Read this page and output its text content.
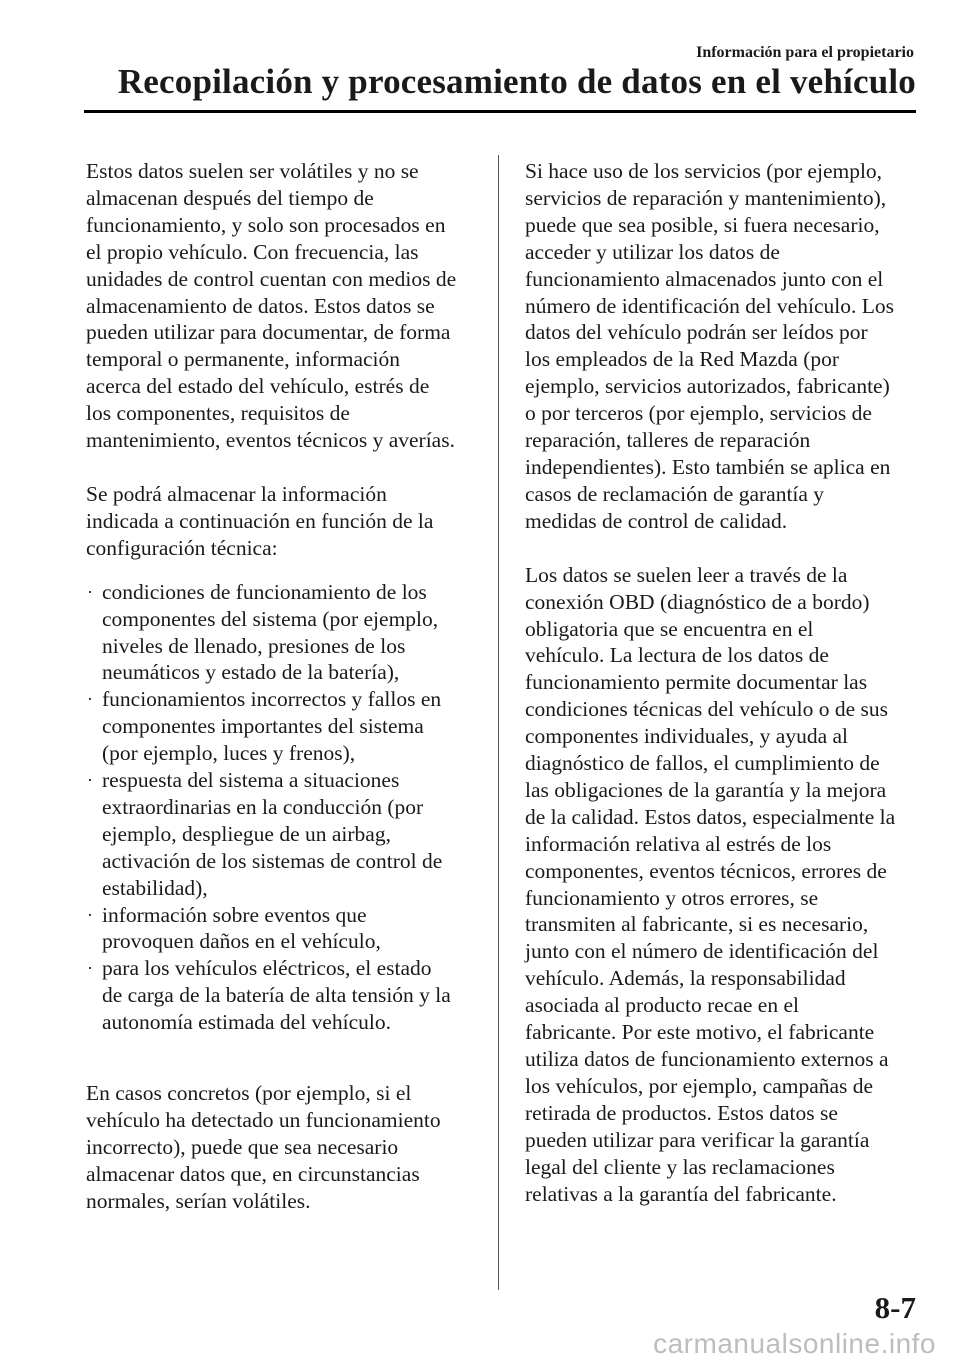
Información para el propietario
Recopilación y procesamiento de datos en el vehículo

Estos datos suelen ser volátiles y no se
almacenan después del tiempo de
funcionamiento, y solo son procesados en
el propio vehículo. Con frecuencia, las
unidades de control cuentan con medios de
almacenamiento de datos. Estos datos se
pueden utilizar para documentar, de forma
temporal o permanente, información
acerca del estado del vehículo, estrés de
los componentes, requisitos de
mantenimiento, eventos técnicos y averías.

Se podrá almacenar la información
indicada a continuación en función de la
configuración técnica:

· condiciones de funcionamiento de los
componentes del sistema (por ejemplo,
niveles de llenado, presiones de los
neumáticos y estado de la batería),
· funcionamientos incorrectos y fallos en
componentes importantes del sistema
(por ejemplo, luces y frenos),
· respuesta del sistema a situaciones
extraordinarias en la conducción (por
ejemplo, despliegue de un airbag,
activación de los sistemas de control de
estabilidad),
· información sobre eventos que
provoquen daños en el vehículo,
· para los vehículos eléctricos, el estado
de carga de la batería de alta tensión y la
autonomía estimada del vehículo.

En casos concretos (por ejemplo, si el
vehículo ha detectado un funcionamiento
incorrecto), puede que sea necesario
almacenar datos que, en circunstancias
normales, serían volátiles.

Si hace uso de los servicios (por ejemplo,
servicios de reparación y mantenimiento),
puede que sea posible, si fuera necesario,
acceder y utilizar los datos de
funcionamiento almacenados junto con el
número de identificación del vehículo. Los
datos del vehículo podrán ser leídos por
los empleados de la Red Mazda (por
ejemplo, servicios autorizados, fabricante)
o por terceros (por ejemplo, servicios de
reparación, talleres de reparación
independientes). Esto también se aplica en
casos de reclamación de garantía y
medidas de control de calidad.

Los datos se suelen leer a través de la
conexión OBD (diagnóstico de a bordo)
obligatoria que se encuentra en el
vehículo. La lectura de los datos de
funcionamiento permite documentar las
condiciones técnicas del vehículo o de sus
componentes individuales, y ayuda al
diagnóstico de fallos, el cumplimiento de
las obligaciones de la garantía y la mejora
de la calidad. Estos datos, especialmente la
información relativa al estrés de los
componentes, eventos técnicos, errores de
funcionamiento y otros errores, se
transmiten al fabricante, si es necesario,
junto con el número de identificación del
vehículo. Además, la responsabilidad
asociada al producto recae en el
fabricante. Por este motivo, el fabricante
utiliza datos de funcionamiento externos a
los vehículos, por ejemplo, campañas de
retirada de productos. Estos datos se
pueden utilizar para verificar la garantía
legal del cliente y las reclamaciones
relativas a la garantía del fabricante.

8-7
carmanualsonline.info
